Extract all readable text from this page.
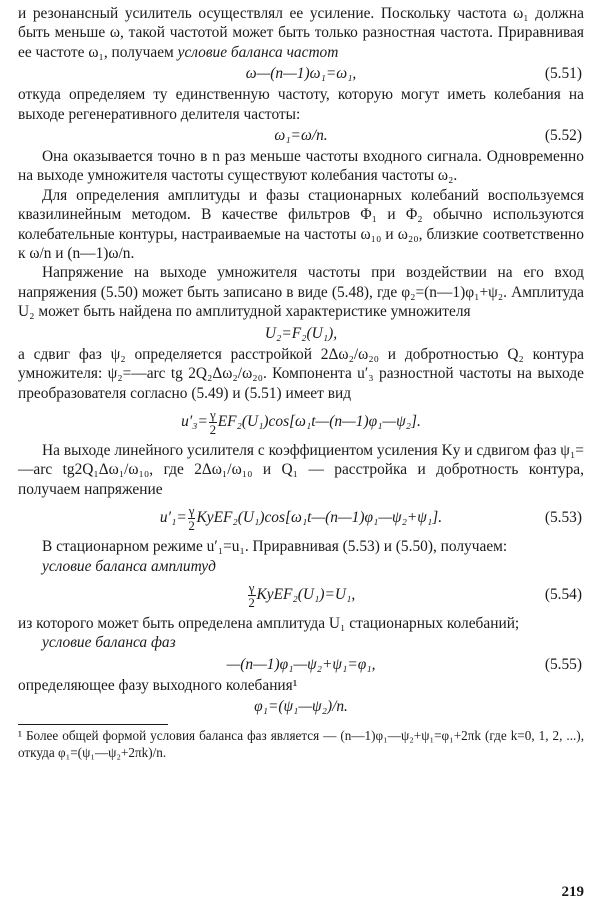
и резонансный усилитель осуществлял ее усиление. Поскольку частота ω₁ должна быть меньше ω, такой частотой может быть только разностная частота. Приравнивая ее частоте ω₁, получаем условие баланса частот

ω—(n—1)ω₁=ω₁,	(5.51)

откуда определяем ту единственную частоту, которую могут иметь колебания на выходе регенеративного делителя частоты:

ω₁=ω/n.	(5.52)

Она оказывается точно в n раз меньше частоты входного сигнала. Одновременно на выходе умножителя частоты существуют колебания частоты ω₂.

Для определения амплитуды и фазы стационарных колебаний воспользуемся квазилинейным методом. В качестве фильтров Φ₁ и Φ₂ обычно используются колебательные контуры, настраиваемые на частоты ω₁₀ и ω₂₀, близкие соответственно к ω/n и (n—1)ω/n.

Напряжение на выходе умножителя частоты при воздействии на его вход напряжения (5.50) может быть записано в виде (5.48), где φ₂=(n—1)φ₁+ψ₂. Амплитуда U₂ может быть найдена по амплитудной характеристике умножителя

U₂=F₂(U₁),

а сдвиг фаз ψ₂ определяется расстройкой 2Δω₂/ω₂₀ и добротностью Q₂ контура умножителя: ψ₂=—arc tg 2Q₂Δω₂/ω₂₀. Компонента u′₃ разностной частоты на выходе преобразователя согласно (5.49) и (5.51) имеет вид

$u'_3= \frac{\gamma}{2}$ EF₂(U₁)cos[ω₁t—(n—1)φ₁—ψ₂].

На выходе линейного усилителя с коэффициентом усиления Kу и сдвигом фаз ψ₁=—arc tg2Q₁Δω₁/ω₁₀, где 2Δω₁/ω₁₀ и Q₁ — расстройка и добротность контура, получаем напряжение

$u'_1= \frac{\gamma}{2}$ KуEF₂(U₁)cos[ω₁t—(n—1)φ₁—ψ₂+ψ₁].	(5.53)

В стационарном режиме u′₁=u₁. Приравнивая (5.53) и (5.50), получаем:

условие баланса амплитуд

$\frac{\gamma}{2}$ KуEF₂(U₁)=U₁,	(5.54)

из которого может быть определена амплитуда U₁ стационарных колебаний;

условие баланса фаз

—(n—1)φ₁—ψ₂+ψ₁=φ₁,	(5.55)

определяющее фазу выходного колебания¹

φ₁=(ψ₁—ψ₂)/n.

¹ Более общей формой условия баланса фаз является — (n—1)φ₁—ψ₂+ψ₁=φ₁+2πk (где k=0, 1, 2, ...), откуда φ₁=(ψ₁—ψ₂+2πk)/n.

219
